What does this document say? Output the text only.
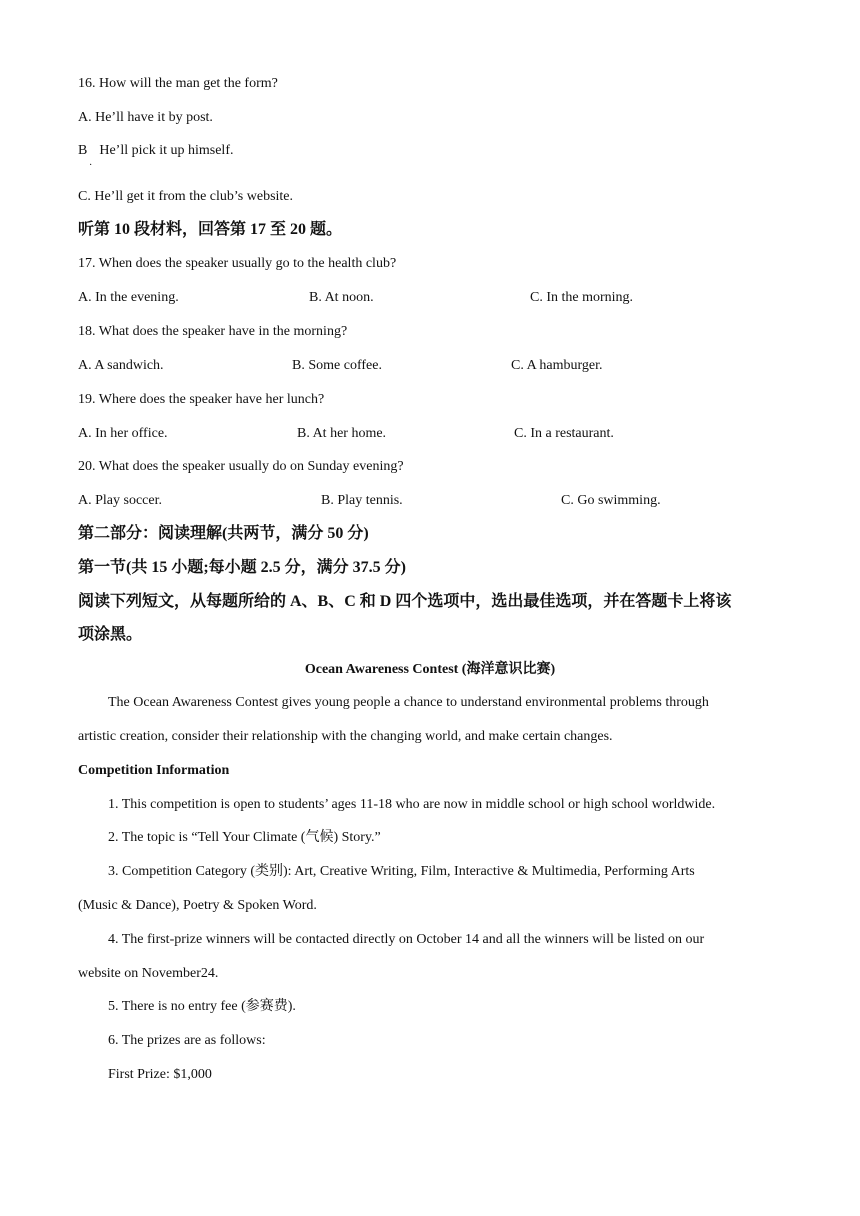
16. How will the man get the form?
A. He’ll have it by post.
B He’ll pick it up himself.
·
C. He’ll get it from the club’s website.
听第 10 段材料，回答第 17 至 20 题。
17. When does the speaker usually go to the health club?
A. In the evening.	B. At noon.	C. In the morning.
18. What does the speaker have in the morning?
A. A sandwich.	B. Some coffee.	C. A hamburger.
19. Where does the speaker have her lunch?
A. In her office.	B. At her home.	C. In a restaurant.
20. What does the speaker usually do on Sunday evening?
A. Play soccer.	B. Play tennis.	C. Go swimming.
第二部分：阅读理解(共两节，满分 50 分)
第一节(共 15 小题;每小题 2.5 分，满分 37.5 分)
阅读下列短文，从每题所给的 A、B、C 和 D 四个选项中，选出最佳选项，并在答题卡上将该
项涂黑。
Ocean Awareness Contest (海洋意识比赛)
The Ocean Awareness Contest gives young people a chance to understand environmental problems through
artistic creation, consider their relationship with the changing world, and make certain changes.
Competition Information
1. This competition is open to students’ ages 11-18 who are now in middle school or high school worldwide.
2. The topic is “Tell Your Climate (气候) Story.”
3. Competition Category (类别): Art, Creative Writing, Film, Interactive & Multimedia, Performing Arts
(Music & Dance), Poetry & Spoken Word.
4. The first-prize winners will be contacted directly on October 14 and all the winners will be listed on our
website on November24.
5. There is no entry fee (参赛费).
6. The prizes are as follows:
First Prize: $1,000
